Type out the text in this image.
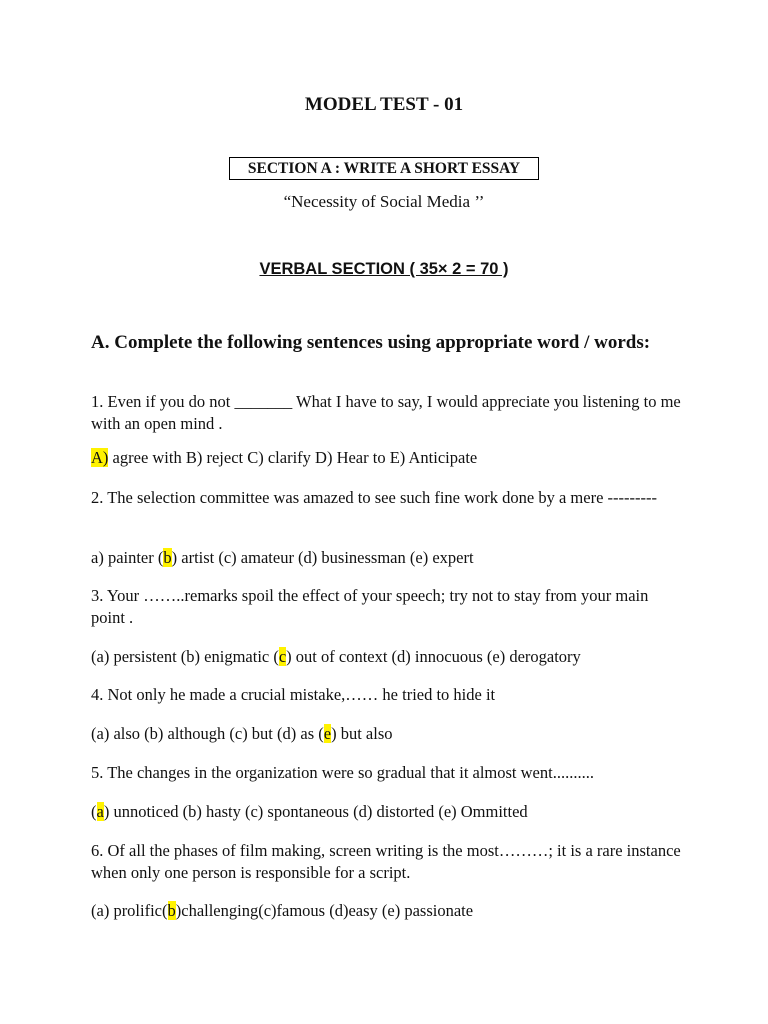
MODEL TEST - 01
SECTION A : WRITE A SHORT ESSAY
“Necessity of Social Media ’’
VERBAL SECTION ( 35× 2 = 70 )
A. Complete the following sentences using appropriate word / words:
1. Even if you do not _______ What I have to say, I would appreciate you listening to me with an open mind .
A) agree with B) reject C) clarify D) Hear to E) Anticipate
2. The selection committee was amazed to see such fine work done by a mere ---------
a) painter (b) artist (c) amateur (d) businessman (e) expert
3. Your ……..remarks spoil the effect of your speech; try not to stay from your main point .
(a) persistent (b) enigmatic (c) out of context (d) innocuous (e) derogatory
4. Not only he made a crucial mistake,…… he tried to hide it
(a) also (b) although (c) but (d) as (e) but also
5. The changes in the organization were so gradual that it almost went..........
(a) unnoticed (b) hasty (c) spontaneous (d) distorted (e) Ommitted
6. Of all the phases of film making, screen writing is the most………; it is a rare instance when only one person is responsible for a script.
(a) prolific(b)challenging(c)famous (d)easy (e) passionate
